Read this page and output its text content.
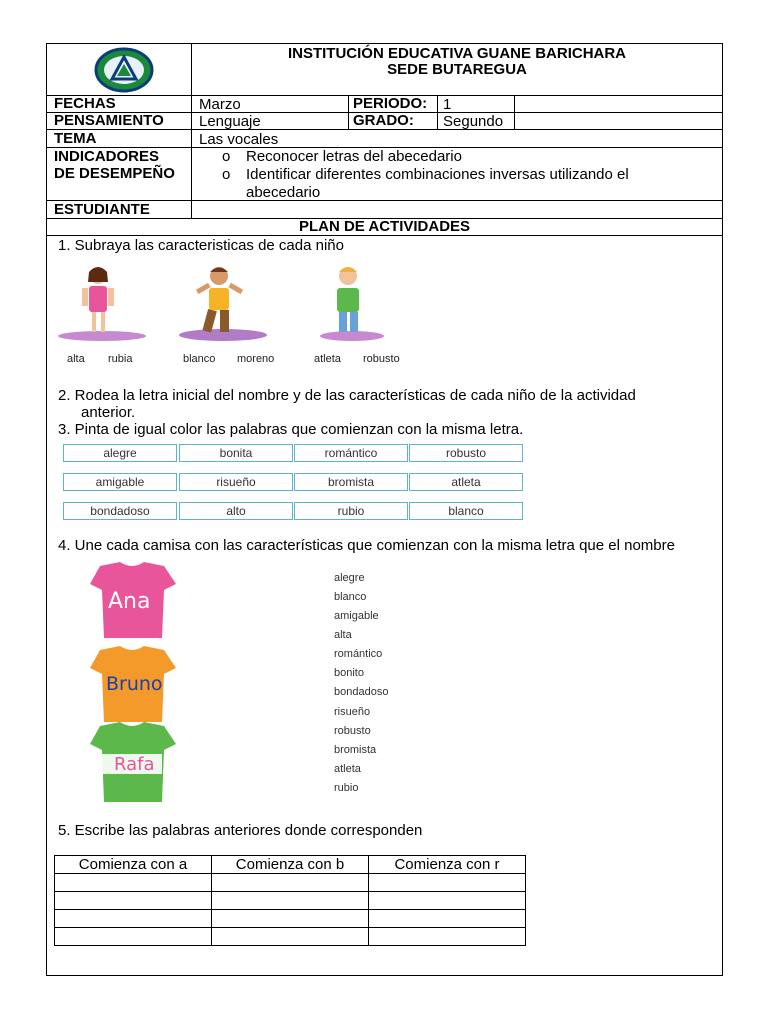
INSTITUCIÓN EDUCATIVA GUANE BARICHARA
SEDE BUTAREGUA
FECHAS	Marzo	PERIODO: 1
PENSAMIENTO Lenguaje	GRADO: Segundo
TEMA	Las vocales
INDICADORES
DE DESEMPEÑO
o Reconocer letras del abecedario
o Identificar diferentes combinaciones inversas utilizando el
abecedario
ESTUDIANTE
PLAN DE ACTIVIDADES
1. Subraya las caracteristicas de cada niño
alta rubia	blanco moreno	atleta robusto
2. Rodea la letra inicial del nombre y de las características de cada niño de la actividad
anterior.
3. Pinta de igual color las palabras que comienzan con la misma letra.
alegre	bonita	romántico	robusto
amigable	risueño	bromista	atleta
bondadoso	alto	rubio	blanco
4. Une cada camisa con las características que comienzan con la misma letra que el nombre
Ana
Bruno
Rafa
alegre
blanco
amigable
alta
romántico
bonito
bondadoso
risueño
robusto
bromista
atleta
rubio
5. Escribe las palabras anteriores donde corresponden
Comienza con a	Comienza con b	Comienza con r
